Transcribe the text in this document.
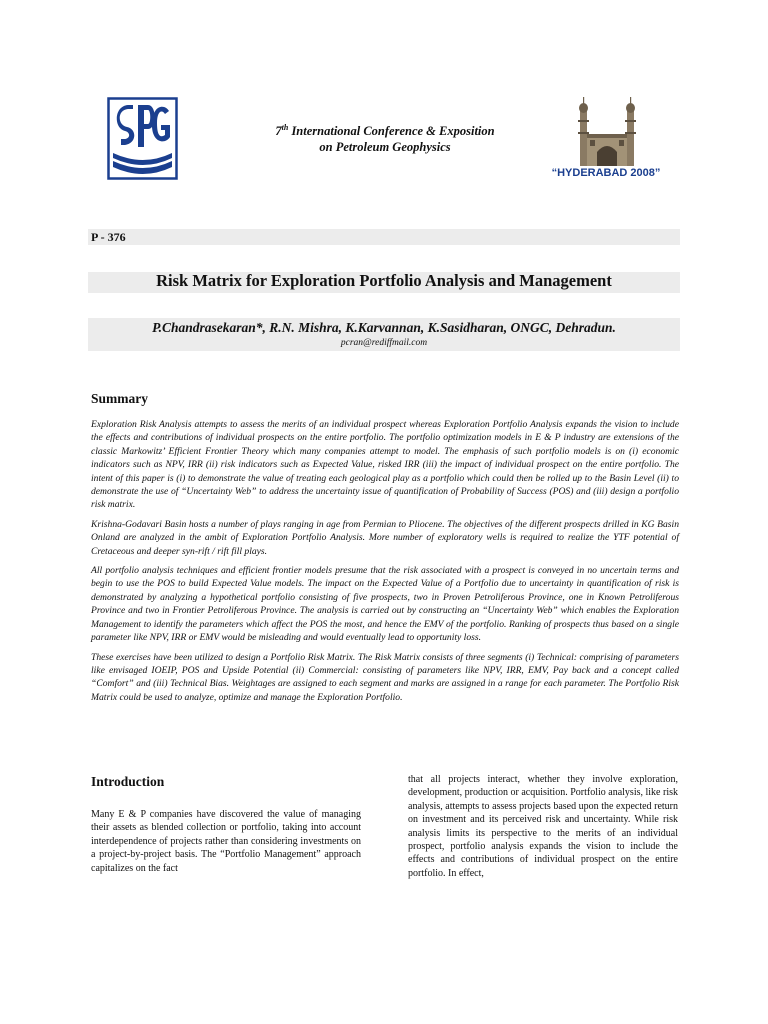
7th International Conference & Exposition
on Petroleum Geophysics
“HYDERABAD 2008”
P - 376
Risk Matrix for Exploration Portfolio Analysis and Management
P.Chandrasekaran*, R.N. Mishra, K.Karvannan, K.Sasidharan, ONGC, Dehradun.
pcran@rediffmail.com
Summary

Exploration Risk Analysis attempts to assess the merits of an individual prospect whereas Exploration Portfolio Analysis expands the vision to include the effects and contributions of individual prospects on the entire portfolio. The portfolio optimization models in E & P industry are extensions of the classic Markowitz’ Efficient Frontier Theory which many companies attempt to model. The emphasis of such portfolio models is on (i) economic indicators such as NPV, IRR (ii) risk indicators such as Expected Value, risked IRR (iii) the impact of individual prospect on the entire portfolio. The intent of this paper is (i) to demonstrate the value of treating each geological play as a portfolio which could then be rolled up to the Basin Level (ii) to demonstrate the use of “Uncertainty Web” to address the uncertainty issue of quantification of Probability of Success (POS) and (iii) design a portfolio risk matrix.

Krishna-Godavari Basin hosts a number of plays ranging in age from Permian to Pliocene. The objectives of the different prospects drilled in KG Basin Onland are analyzed in the ambit of Exploration Portfolio Analysis. More number of exploratory wells is required to realize the YTF potential of Cretaceous and deeper syn-rift / rift fill plays.

All portfolio analysis techniques and efficient frontier models presume that the risk associated with a prospect is conveyed in no uncertain terms and begin to use the POS to build Expected Value models. The impact on the Expected Value of a Portfolio due to uncertainty in quantification of risk is demonstrated by analyzing a hypothetical portfolio consisting of five prospects, two in Proven Petroliferous Province, one in Known Petroliferous Province and two in Frontier Petroliferous Province. The analysis is carried out by constructing an “Uncertainty Web” which enables the Exploration Management to identify the parameters which affect the POS the most, and hence the EMV of the portfolio. Ranking of prospects thus based on a single parameter like NPV, IRR or EMV would be misleading and would eventually lead to opportunity loss.

These exercises have been utilized to design a Portfolio Risk Matrix. The Risk Matrix consists of three segments (i) Technical: comprising of parameters like envisaged IOEIP, POS and Upside Potential (ii) Commercial: consisting of parameters like NPV, IRR, EMV, Pay back and a concept called “Comfort” and (iii) Technical Bias. Weightages are assigned to each segment and marks are assigned in a range for each parameter. The Portfolio Risk Matrix could be used to analyze, optimize and manage the Exploration Portfolio.

Introduction

Many E & P companies have discovered the value of managing their assets as blended collection or portfolio, taking into account interdependence of projects rather than considering investments on a project-by-project basis. The “Portfolio Management” approach capitalizes on the fact

that all projects interact, whether they involve exploration, development, production or acquisition. Portfolio analysis, like risk analysis, attempts to assess projects based upon the expected return on investment and its perceived risk and uncertainty. While risk analysis limits its perspective to the merits of an individual prospect, portfolio analysis expands the vision to include the effects and contributions of individual prospect on the entire portfolio. In effect,
